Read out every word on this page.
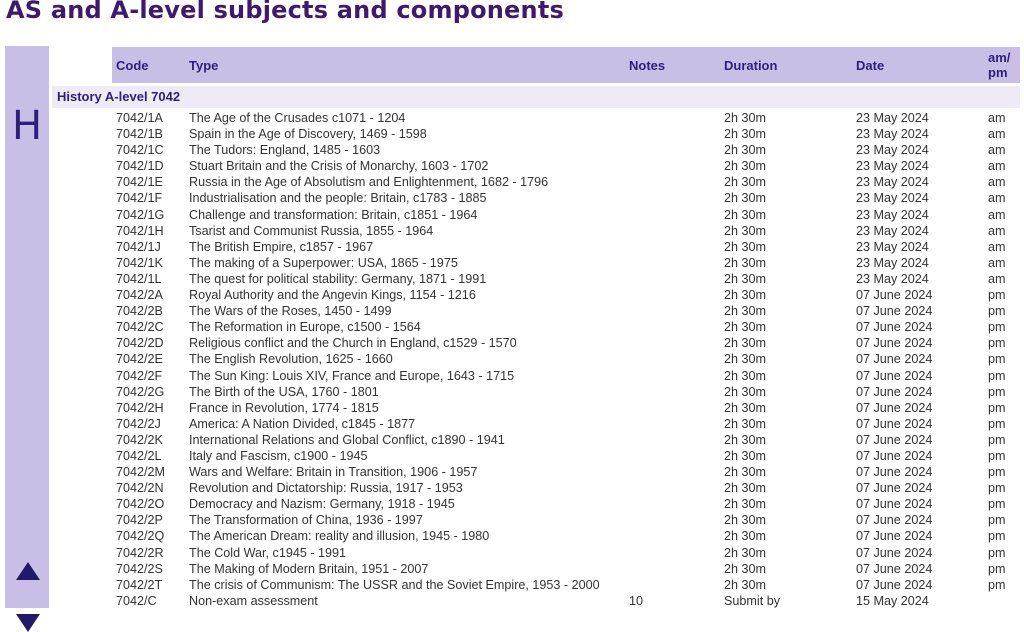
AS and A-level subjects and components
H
Code	Type	Notes	Duration	Date
am/
pm
History A-level 7042
7042/1A The Age of the Crusades c1071 - 1204	2h 30m	23 May 2024	am
7042/1B Spain in the Age of Discovery, 1469 - 1598	2h 30m	23 May 2024	am
7042/1C The Tudors: England, 1485 - 1603	2h 30m	23 May 2024	am
7042/1D Stuart Britain and the Crisis of Monarchy, 1603 - 1702	2h 30m	23 May 2024	am
7042/1E Russia in the Age of Absolutism and Enlightenment, 1682 - 1796	2h 30m	23 May 2024	am
7042/1F Industrialisation and the people: Britain, c1783 - 1885	2h 30m	23 May 2024	am
7042/1G Challenge and transformation: Britain, c1851 - 1964	2h 30m	23 May 2024	am
7042/1H Tsarist and Communist Russia, 1855 - 1964	2h 30m	23 May 2024	am
7042/1J The British Empire, c1857 - 1967	2h 30m	23 May 2024	am
7042/1K The making of a Superpower: USA, 1865 - 1975	2h 30m	23 May 2024	am
7042/1L The quest for political stability: Germany, 1871 - 1991	2h 30m	23 May 2024	am
7042/2A Royal Authority and the Angevin Kings, 1154 - 1216	2h 30m	07 June 2024	pm
7042/2B The Wars of the Roses, 1450 - 1499	2h 30m	07 June 2024	pm
7042/2C The Reformation in Europe, c1500 - 1564	2h 30m	07 June 2024	pm
7042/2D Religious conflict and the Church in England, c1529 - 1570	2h 30m	07 June 2024	pm
7042/2E The English Revolution, 1625 - 1660	2h 30m	07 June 2024	pm
7042/2F The Sun King: Louis XIV, France and Europe, 1643 - 1715	2h 30m	07 June 2024	pm
7042/2G The Birth of the USA, 1760 - 1801	2h 30m	07 June 2024	pm
7042/2H France in Revolution, 1774 - 1815	2h 30m	07 June 2024	pm
7042/2J America: A Nation Divided, c1845 - 1877	2h 30m	07 June 2024	pm
7042/2K International Relations and Global Conflict, c1890 - 1941	2h 30m	07 June 2024	pm
7042/2L Italy and Fascism, c1900 - 1945	2h 30m	07 June 2024	pm
7042/2M Wars and Welfare: Britain in Transition, 1906 - 1957	2h 30m	07 June 2024	pm
7042/2N Revolution and Dictatorship: Russia, 1917 - 1953	2h 30m	07 June 2024	pm
7042/2O Democracy and Nazism: Germany, 1918 - 1945	2h 30m	07 June 2024	pm
7042/2P The Transformation of China, 1936 - 1997	2h 30m	07 June 2024	pm
7042/2Q The American Dream: reality and illusion, 1945 - 1980	2h 30m	07 June 2024	pm
7042/2R The Cold War, c1945 - 1991	2h 30m	07 June 2024	pm
7042/2S The Making of Modern Britain, 1951 - 2007	2h 30m	07 June 2024	pm
7042/2T The crisis of Communism: The USSR and the Soviet Empire, 1953 - 2000	2h 30m	07 June 2024	pm
7042/C	Non-exam assessment	10	Submit by	15 May 2024
